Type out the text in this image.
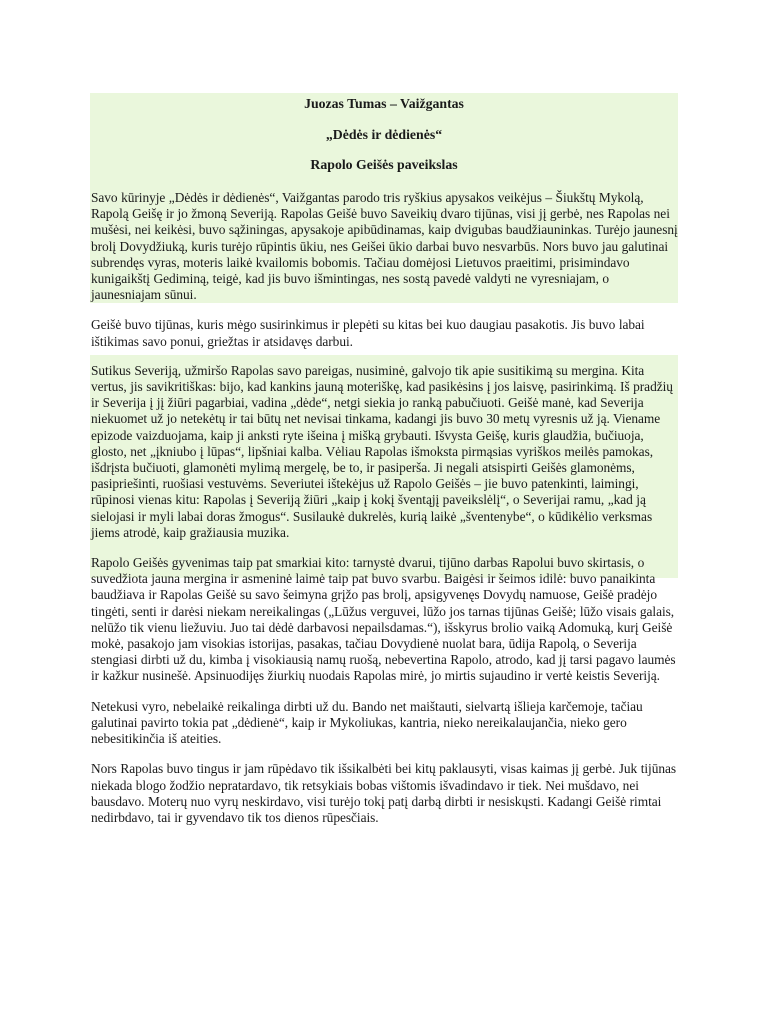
Juozas Tumas – Vaižgantas

„Dėdės ir dėdienės“

Rapolo Geišės paveikslas

Savo kūrinyje „Dėdės ir dėdienės“, Vaižgantas parodo tris ryškius apysakos veikėjus – Šiukštų Mykolą, Rapolą Geišę ir jo žmoną Severiją. Rapolas Geišė buvo Saveikių dvaro tijūnas, visi jį gerbė, nes Rapolas nei mušėsi, nei keikėsi, buvo sąžiningas, apysakoje apibūdinamas, kaip dvigubas baudžiauninkas. Turėjo jaunesnį brolį Dovydžiuką, kuris turėjo rūpintis ūkiu, nes Geišei ūkio darbai buvo nesvarbūs. Nors buvo jau galutinai subrendęs vyras, moteris laikė kvailomis bobomis. Tačiau domėjosi Lietuvos praeitimi, prisimindavo kunigaikštį Gediminą, teigė, kad jis buvo išmintingas, nes sostą pavedė valdyti ne vyresniajam, o jaunesniajam sūnui.

Geišė buvo tijūnas, kuris mėgo susirinkimus ir plepėti su kitas bei kuo daugiau pasakotis. Jis buvo labai ištikimas savo ponui, griežtas ir atsidavęs darbui.

Sutikus Severiją, užmiršo Rapolas savo pareigas, nusiminė, galvojo tik apie susitikimą su mergina. Kita vertus, jis savikritiškas: bijo, kad kankins jauną moteriškę, kad pasikėsins į jos laisvę, pasirinkimą. Iš pradžių ir Severija į jį žiūri pagarbiai, vadina „dėde“, netgi siekia jo ranką pabučiuoti. Geišė manė, kad Severija niekuomet už jo netekėtų ir tai būtų net nevisai tinkama, kadangi jis buvo 30 metų vyresnis už ją. Viename epizode vaizduojama, kaip ji anksti ryte išeina į mišką grybauti. Išvysta Geišę, kuris glaudžia, bučiuoja, glosto, net „įkniubo į lūpas“, lipšniai kalba. Vėliau Rapolas išmoksta pirmąsias vyriškos meilės pamokas, išdrįsta bučiuoti, glamonėti mylimą mergelę, be to, ir pasiperša. Ji negali atsispirti Geišės glamonėms, pasipriešinti, ruošiasi vestuvėms. Severiutei ištekėjus už Rapolo Geišės – jie buvo patenkinti, laimingi, rūpinosi vienas kitu: Rapolas į Severiją žiūri „kaip į kokį šventąjį paveikslėlį“, o Severijai ramu, „kad ją sielojasi ir myli labai doras žmogus“. Susilaukė dukrelės, kurią laikė „šventenybe“, o kūdikėlio verksmas jiems atrodė, kaip gražiausia muzika.

Rapolo Geišės gyvenimas taip pat smarkiai kito: tarnystė dvarui, tijūno darbas Rapolui buvo skirtasis, o suvedžiota jauna mergina ir asmeninė laimė taip pat buvo svarbu. Baigėsi ir šeimos idilė: buvo panaikinta baudžiava ir Rapolas Geišė su savo šeimyna grįžo pas brolį, apsigyvenęs Dovydų namuose, Geišė pradėjo tingėti, senti ir darėsi niekam nereikalingas („Lūžus verguvei, lūžo jos tarnas tijūnas Geišė; lūžo visais galais, nelūžo tik vienu liežuviu. Juo tai dėdė darbavosi nepailsdamas.“), išskyrus brolio vaiką Adomuką, kurį Geišė mokė, pasakojo jam visokias istorijas, pasakas, tačiau Dovydienė nuolat bara, ūdija Rapolą, o Severija stengiasi dirbti už du, kimba į visokiausią namų ruošą, nebevertina Rapolo, atrodo, kad jį tarsi pagavo laumės ir kažkur nusinešė. Apsinuodijęs žiurkių nuodais Rapolas mirė, jo mirtis sujaudino ir vertė keistis Severiją.

Netekusi vyro, nebelaikė reikalinga dirbti už du. Bando net maištauti, sielvartą išlieja karčemoje, tačiau galutinai pavirto tokia pat „dėdienė“, kaip ir Mykoliukas, kantria, nieko nereikalaujančia, nieko gero nebesitikinčia iš ateities.

Nors Rapolas buvo tingus ir jam rūpėdavo tik išsikalbėti bei kitų paklausyti, visas kaimas jį gerbė. Juk tijūnas niekada blogo žodžio nepratardavo, tik retsykiais bobas vištomis išvadindavo ir tiek. Nei mušdavo, nei bausdavo. Moterų nuo vyrų neskirdavo, visi turėjo tokį patį darbą dirbti ir nesiskųsti. Kadangi Geišė rimtai nedirbdavo, tai ir gyvendavo tik tos dienos rūpesčiais.
